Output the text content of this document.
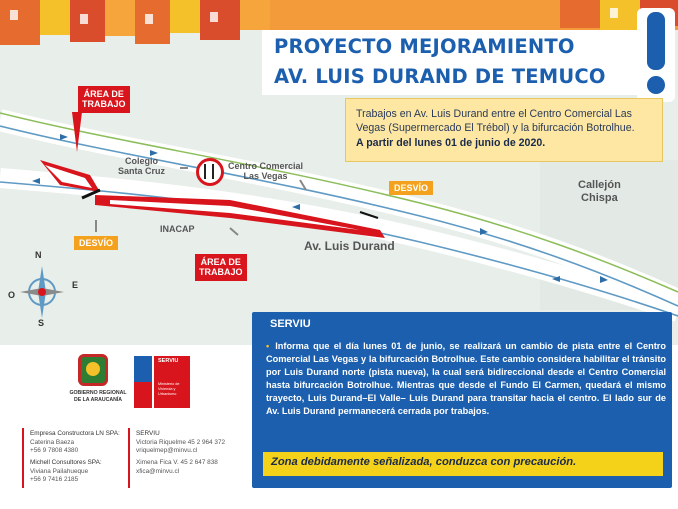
PROYECTO MEJORAMIENTO
AV. LUIS DURAND DE TEMUCO
Trabajos en Av. Luis Durand entre el Centro Comercial Las Vegas (Supermercado El Trébol) y la bifurcación Botrolhue.
A partir del lunes 01 de junio de 2020.
ÁREA DE
TRABAJO
ÁREA DE
TRABAJO
Colegio
Santa Cruz
Centro Comercial
Las Vegas
INACAP
Av. Luis Durand
Callejón
Chispa
DESVÍO
DESVÍO
N
S
E
O
SERVIU
• Informa que el día lunes 01 de junio, se realizará un cambio de pista entre el Centro Comercial Las Vegas y la bifurcación Botrolhue. Este cambio considera habilitar el tránsito por Luis Durand norte (pista nueva), la cual será bidireccional desde el Centro Comercial hasta bifurcación Botrolhue. Mientras que desde el Fundo El Carmen, quedará el mismo trayecto, Luis Durand–El Valle– Luis Durand para transitar hacia el centro. El lado sur de Av. Luis Durand permanecerá cerrada por trabajos.
Zona debidamente señalizada, conduzca con precaución.
GOBIERNO REGIONAL
DE LA ARAUCANÍA
SERVIU
Ministerio de
Vivienda y
Urbanismo
Empresa Constructora LN SPA:
Caterina Baeza
+56 9 7808 4380
Michell Consultores SPA:
Viviana Pailahueque
+56 9 7416 2185
SERVIU
Victoria Riquelme 45 2 964 372
vriquelmep@minvu.cl
Ximena Fica V. 45 2 647 838
xfica@minvu.cl
